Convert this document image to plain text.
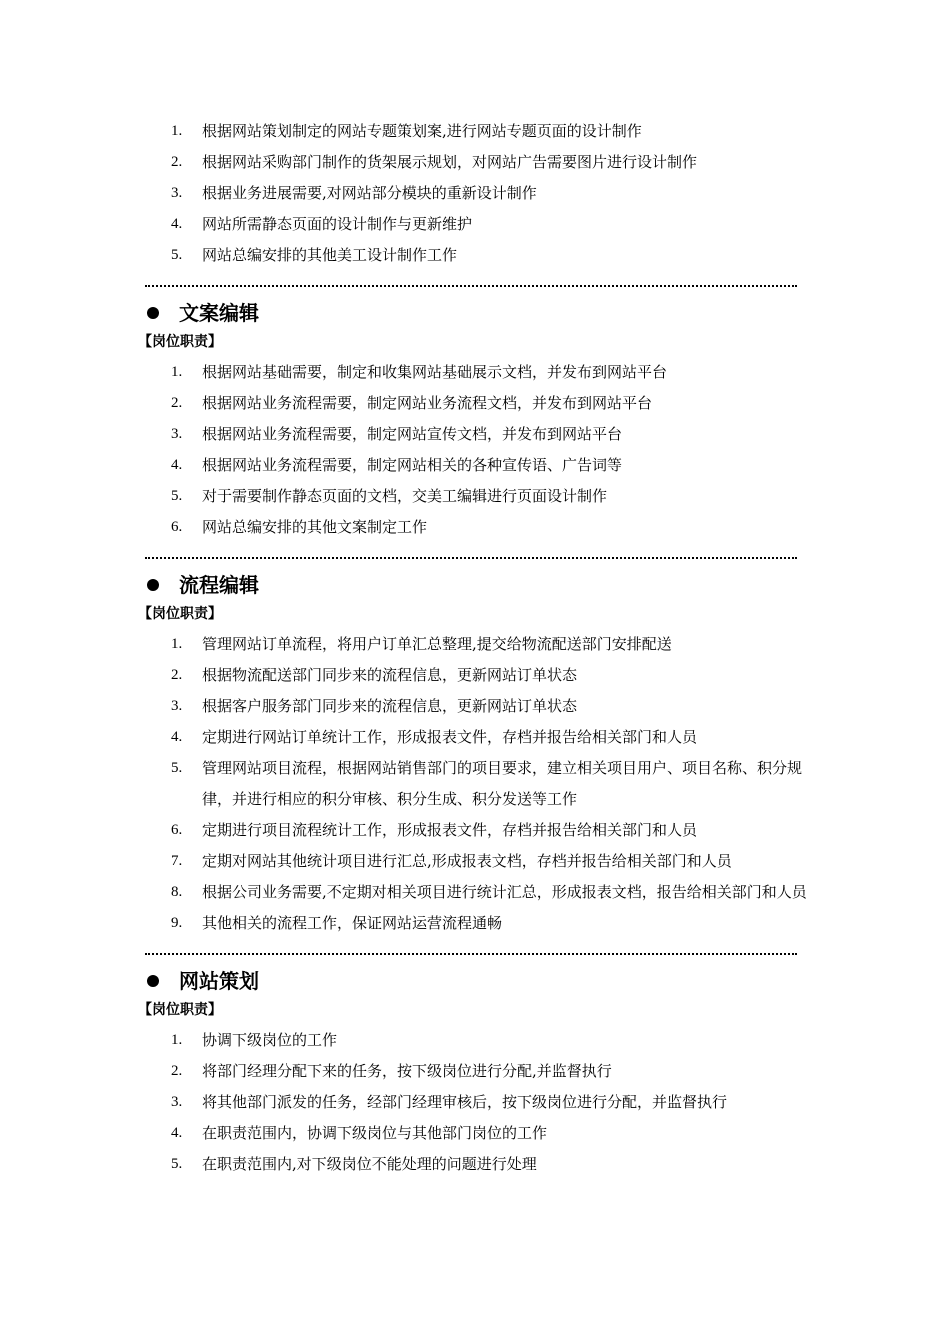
1. 根据网站策划制定的网站专题策划案,进行网站专题页面的设计制作
2. 根据网站采购部门制作的货架展示规划，对网站广告需要图片进行设计制作
3. 根据业务进展需要,对网站部分模块的重新设计制作
4. 网站所需静态页面的设计制作与更新维护
5. 网站总编安排的其他美工设计制作工作
文案编辑
【岗位职责】
1. 根据网站基础需要，制定和收集网站基础展示文档，并发布到网站平台
2. 根据网站业务流程需要，制定网站业务流程文档，并发布到网站平台
3. 根据网站业务流程需要，制定网站宣传文档，并发布到网站平台
4. 根据网站业务流程需要，制定网站相关的各种宣传语、广告词等
5. 对于需要制作静态页面的文档，交美工编辑进行页面设计制作
6. 网站总编安排的其他文案制定工作
流程编辑
【岗位职责】
1. 管理网站订单流程，将用户订单汇总整理,提交给物流配送部门安排配送
2. 根据物流配送部门同步来的流程信息，更新网站订单状态
3. 根据客户服务部门同步来的流程信息，更新网站订单状态
4. 定期进行网站订单统计工作，形成报表文件，存档并报告给相关部门和人员
5. 管理网站项目流程，根据网站销售部门的项目要求，建立相关项目用户、项目名称、积分规律，并进行相应的积分审核、积分生成、积分发送等工作
6. 定期进行项目流程统计工作，形成报表文件，存档并报告给相关部门和人员
7. 定期对网站其他统计项目进行汇总,形成报表文档，存档并报告给相关部门和人员
8. 根据公司业务需要,不定期对相关项目进行统计汇总，形成报表文档，报告给相关部门和人员
9. 其他相关的流程工作，保证网站运营流程通畅
网站策划
【岗位职责】
1. 协调下级岗位的工作
2. 将部门经理分配下来的任务，按下级岗位进行分配,并监督执行
3. 将其他部门派发的任务，经部门经理审核后，按下级岗位进行分配，并监督执行
4. 在职责范围内，协调下级岗位与其他部门岗位的工作
5. 在职责范围内,对下级岗位不能处理的问题进行处理
